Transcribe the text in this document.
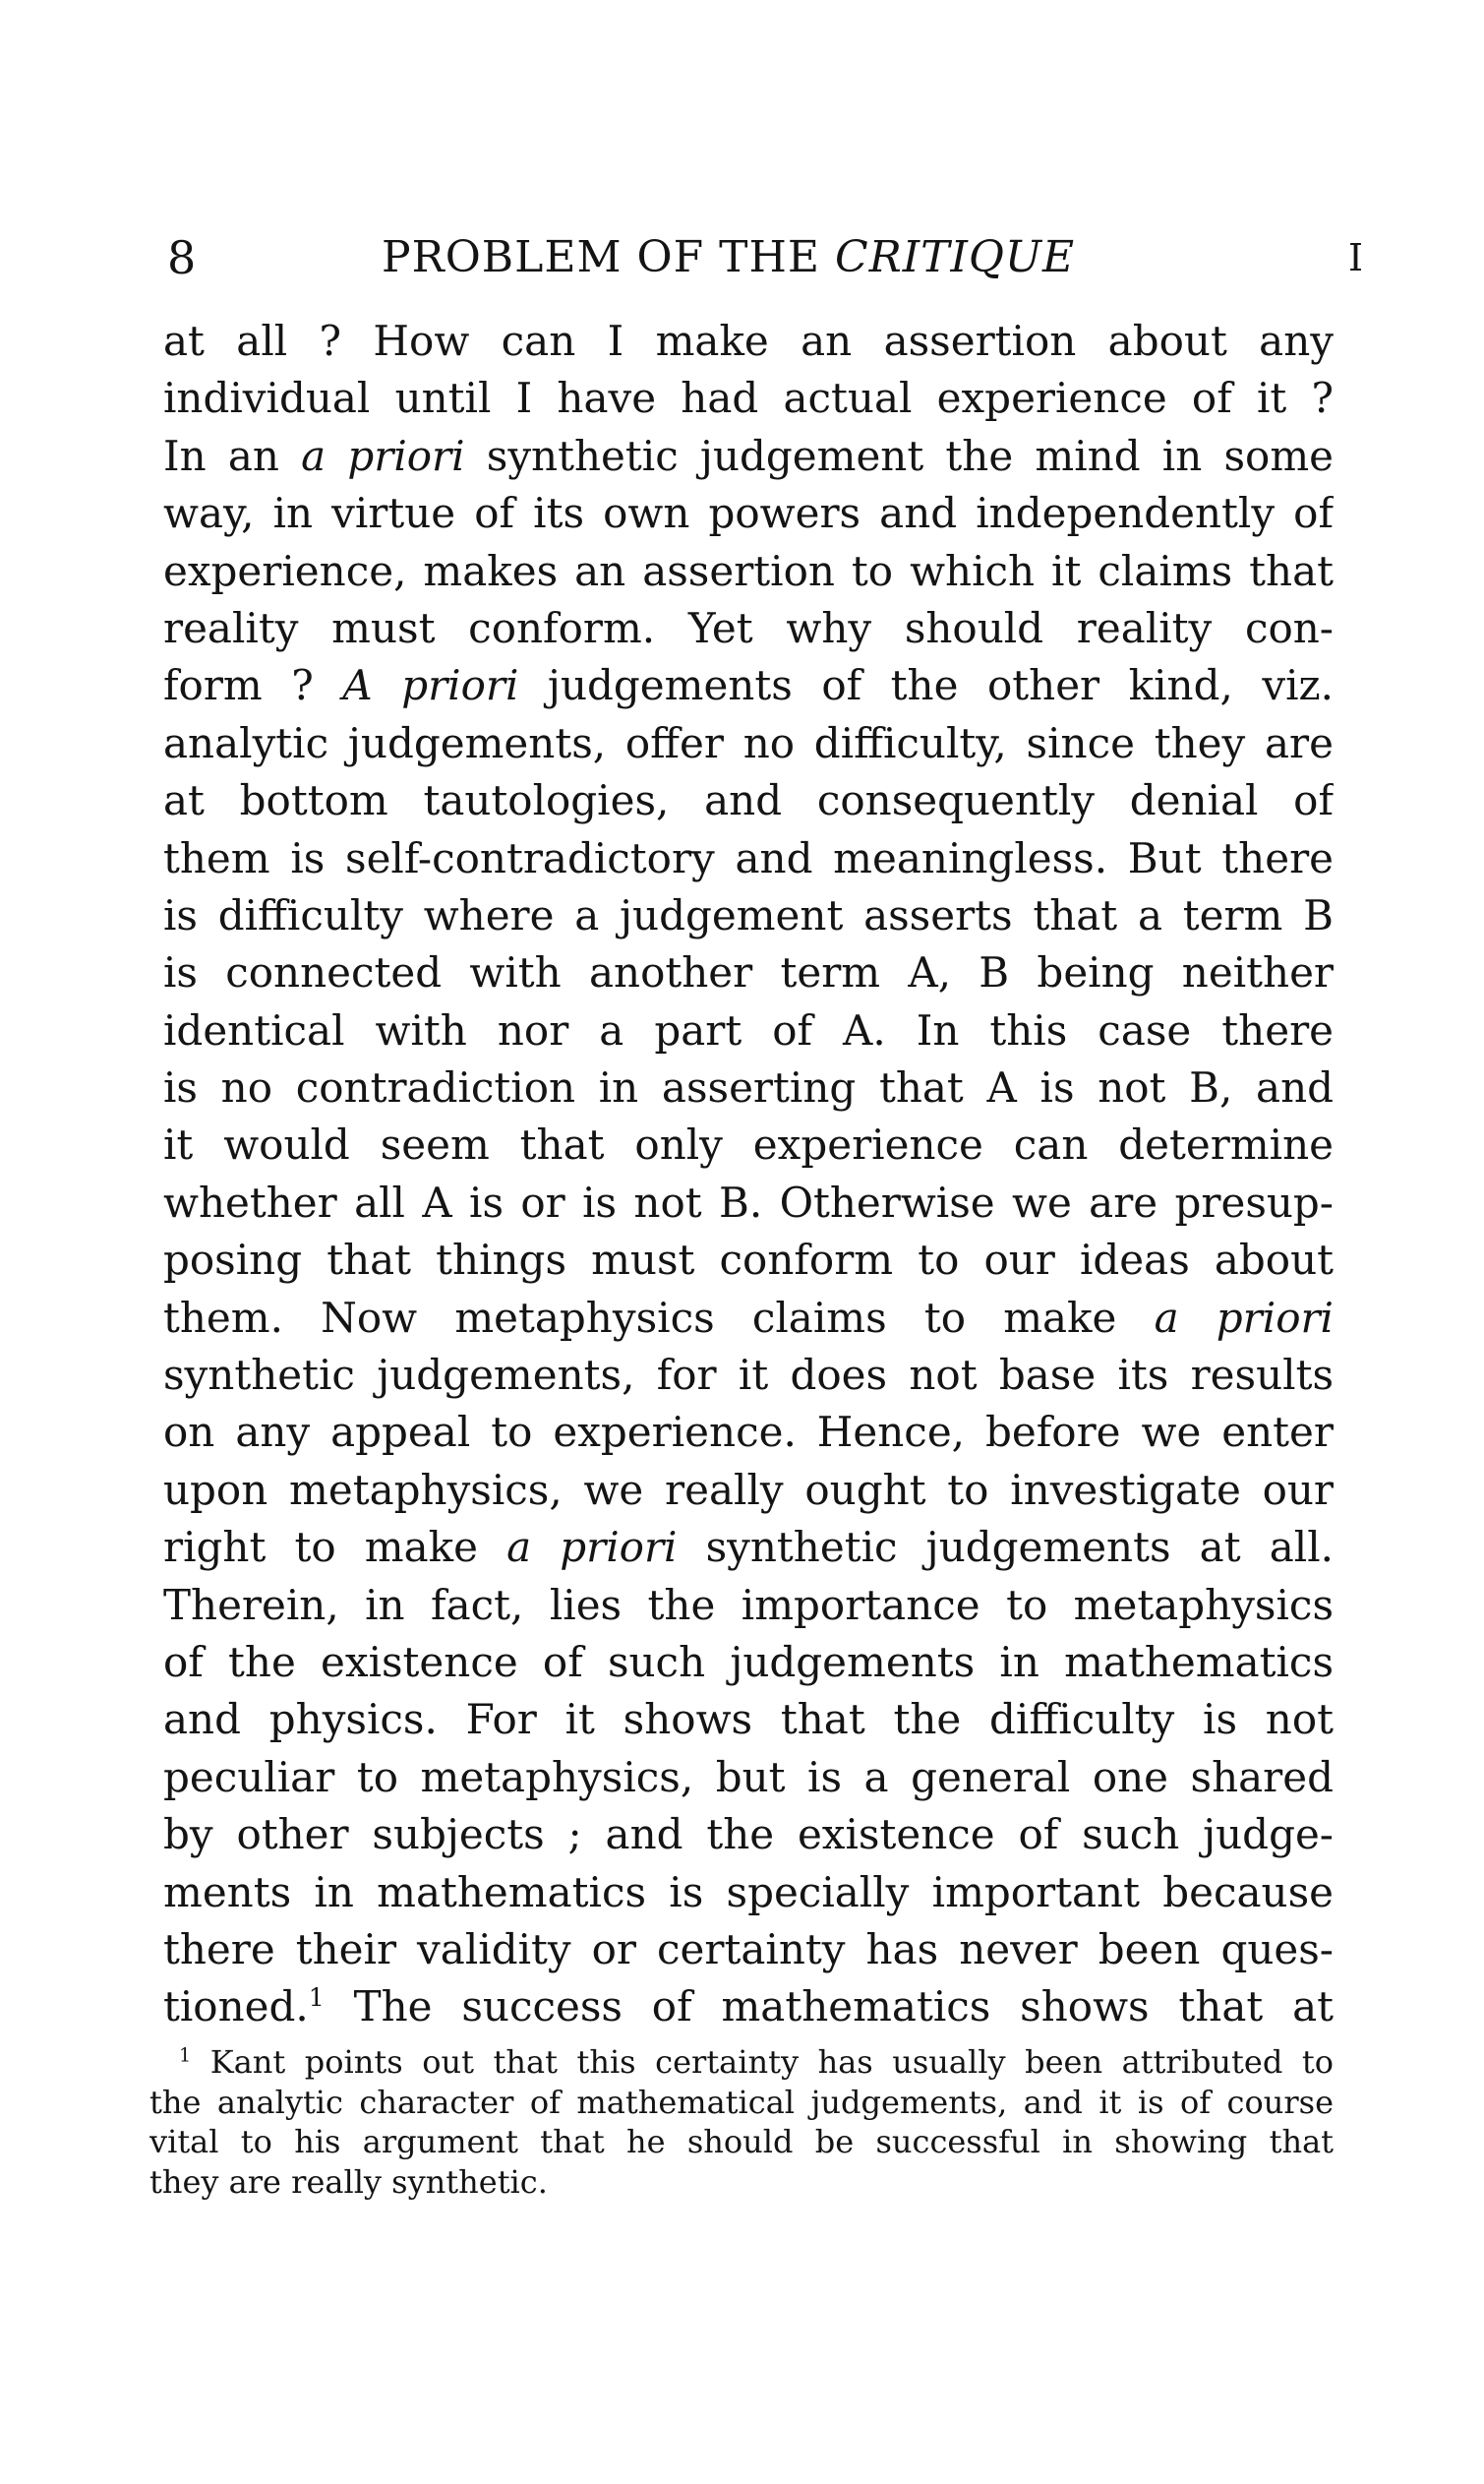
8	PROBLEM OF THE CRITIQUE	I
at all ? How can I make an assertion about any
individual until I have had actual experience of it ?
In an a priori synthetic judgement the mind in some
way, in virtue of its own powers and independently of
experience, makes an assertion to which it claims that
reality must conform. Yet why should reality con-
form ? A priori judgements of the other kind, viz.
analytic judgements, offer no difficulty, since they are
at bottom tautologies, and consequently denial of
them is self-contradictory and meaningless. But there
is difficulty where a judgement asserts that a term B
is connected with another term A, B being neither
identical with nor a part of A. In this case there
is no contradiction in asserting that A is not B, and
it would seem that only experience can determine
whether all A is or is not B. Otherwise we are presup-
posing that things must conform to our ideas about
them. Now metaphysics claims to make a priori
synthetic judgements, for it does not base its results
on any appeal to experience. Hence, before we enter
upon metaphysics, we really ought to investigate our
right to make a priori synthetic judgements at all.
Therein, in fact, lies the importance to metaphysics
of the existence of such judgements in mathematics
and physics. For it shows that the difficulty is not
peculiar to metaphysics, but is a general one shared
by other subjects ; and the existence of such judge-
ments in mathematics is specially important because
there their validity or certainty has never been ques-
tioned.$^1$ The success of mathematics shows that at
$^1$ Kant points out that this certainty has usually been attributed to
the analytic character of mathematical judgements, and it is of course
vital to his argument that he should be successful in showing that
they are really synthetic.
